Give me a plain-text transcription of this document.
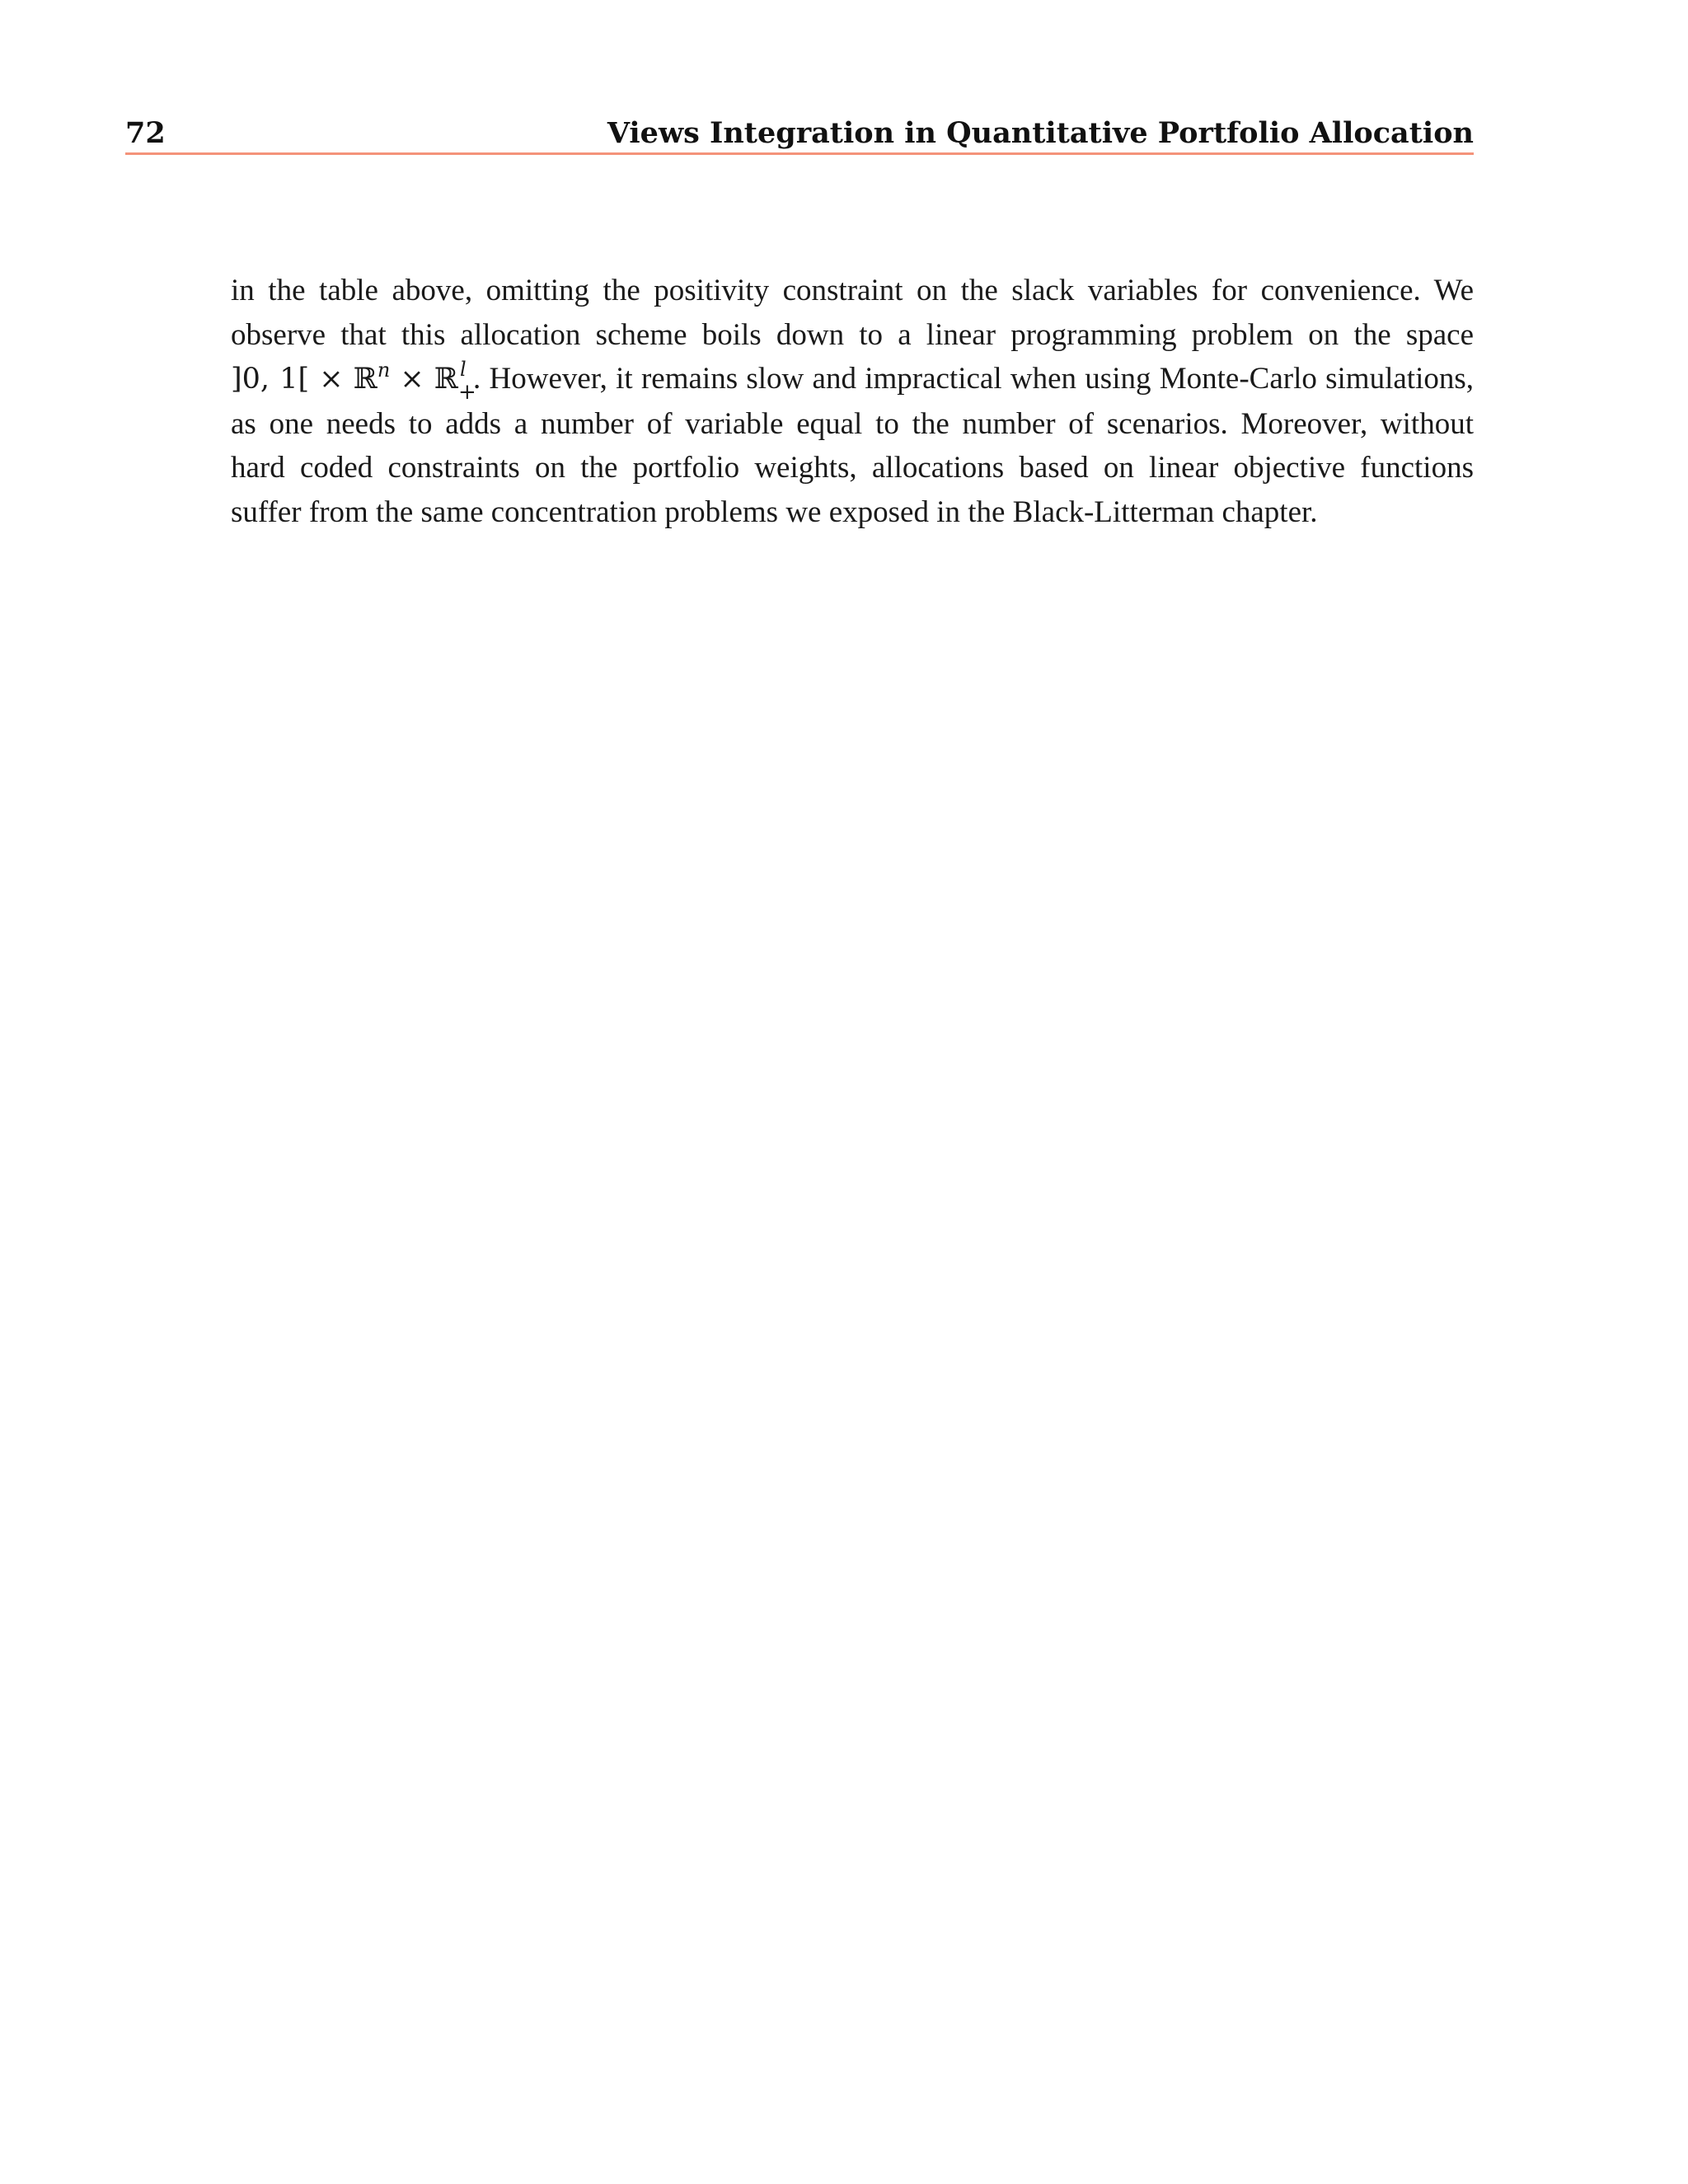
72	Views Integration in Quantitative Portfolio Allocation
in the table above, omitting the positivity constraint on the slack variables for convenience. We
observe that this allocation scheme boils down to a linear programming problem on the space
]0, 1[ × ℝ$^n$ × ℝ l
+
. However, it remains slow and impractical when using Monte-Carlo simulations,
as one needs to adds a number of variable equal to the number of scenarios. Moreover, without
hard coded constraints on the portfolio weights, allocations based on linear objective functions
suffer from the same concentration problems we exposed in the Black-Litterman chapter.
